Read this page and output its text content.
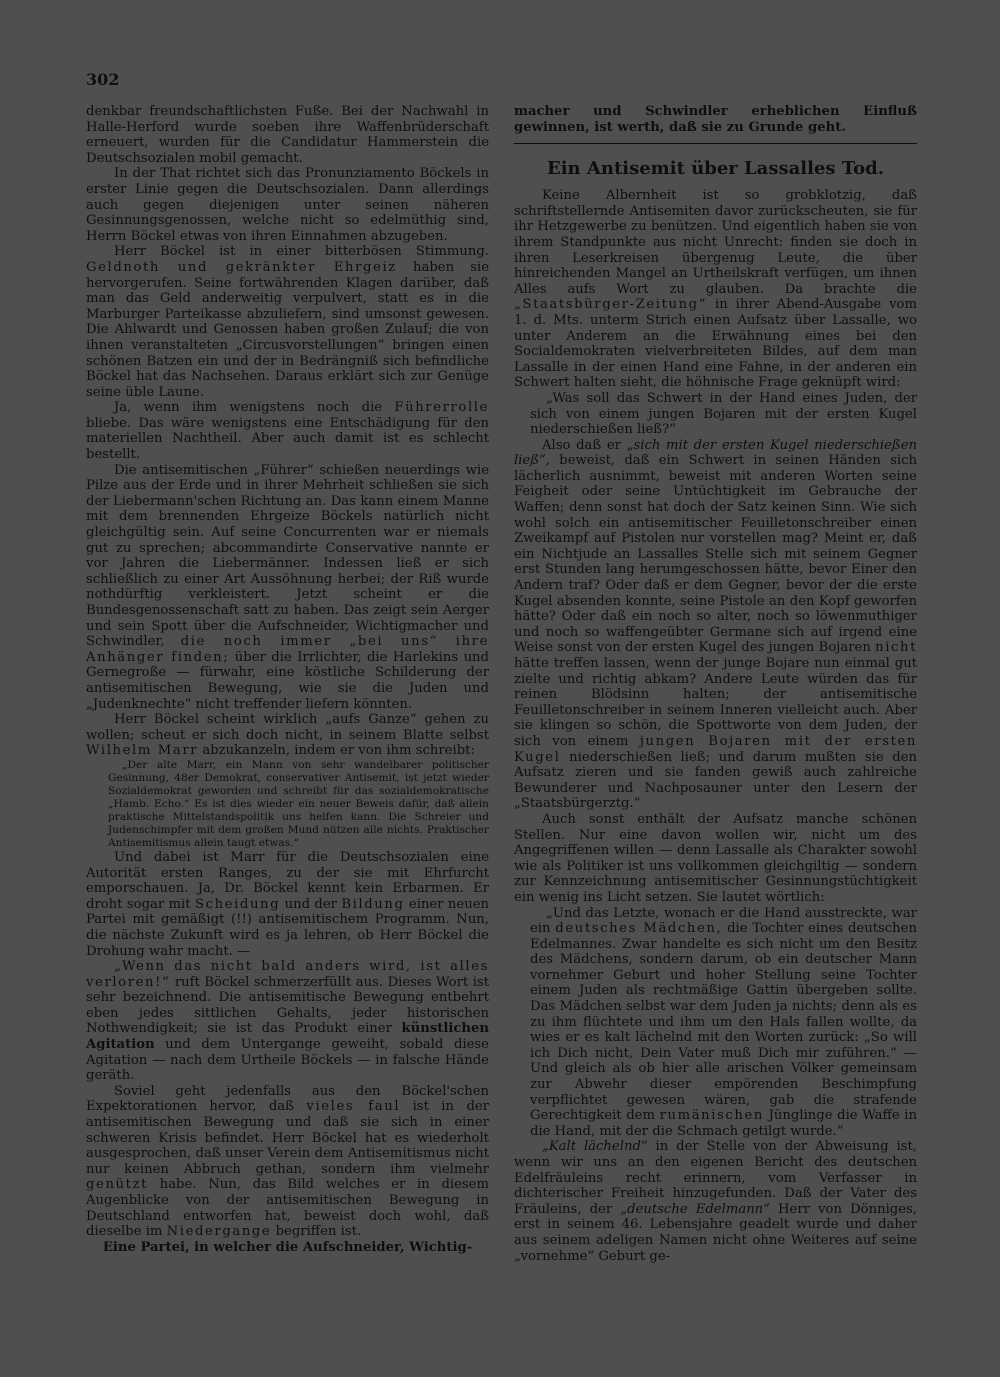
302

denkbar freundschaftlichsten Fuße. Bei der Nachwahl in Halle-Herford wurde soeben ihre Waffenbrüderschaft erneuert, wurden für die Candidatur Hammerstein die Deutschsozialen mobil gemacht.

In der That richtet sich das Pronunziamento Böckels in erster Linie gegen die Deutschsozialen. Dann allerdings auch gegen diejenigen unter seinen näheren Gesinnungsgenossen, welche nicht so edelmüthig sind, Herrn Böckel etwas von ihren Einnahmen abzugeben.

Herr Böckel ist in einer bitterbösen Stimmung. Geldnoth und gekränkter Ehrgeiz haben sie hervorgerufen. Seine fortwährenden Klagen darüber, daß man das Geld anderweitig verpulvert, statt es in die Marburger Parteikasse abzuliefern, sind umsonst gewesen. Die Ahlwardt und Genossen haben großen Zulauf; die von ihnen veranstalteten „Circusvorstellungen“ bringen einen schönen Batzen ein und der in Bedrängniß sich befindliche Böckel hat das Nachsehen. Daraus erklärt sich zur Genüge seine üble Laune.

Ja, wenn ihm wenigstens noch die Führerrolle bliebe. Das wäre wenigstens eine Entschädigung für den materiellen Nachtheil. Aber auch damit ist es schlecht bestellt.

Die antisemitischen „Führer“ schießen neuerdings wie Pilze aus der Erde und in ihrer Mehrheit schließen sie sich der Liebermann'schen Richtung an. Das kann einem Manne mit dem brennenden Ehrgeize Böckels natürlich nicht gleichgültig sein. Auf seine Concurrenten war er niemals gut zu sprechen; abcommandirte Conservative nannte er vor Jahren die Liebermänner. Indessen ließ er sich schließlich zu einer Art Aussöhnung herbei; der Riß wurde nothdürftig verkleistert. Jetzt scheint er die Bundesgenossenschaft satt zu haben. Das zeigt sein Aerger und sein Spott über die Aufschneider, Wichtigmacher und Schwindler, die noch immer „bei uns“ ihre Anhänger finden; über die Irrlichter, die Harlekins und Gernegroße — fürwahr, eine köstliche Schilderung der antisemitischen Bewegung, wie sie die Juden und „Judenknechte“ nicht treffender liefern könnten.

Herr Böckel scheint wirklich „aufs Ganze“ gehen zu wollen; scheut er sich doch nicht, in seinem Blatte selbst Wilhelm Marr abzukanzeln, indem er von ihm schreibt:

„Der alte Marr, ein Mann von sehr wandelbarer politischer Gesinnung, 48er Demokrat, conservativer Antisemit, ist jetzt wieder Sozialdemokrat geworden und schreibt für das sozialdemokratische „Hamb. Echo.“ Es ist dies wieder ein neuer Beweis dafür, daß allein praktische Mittelstandspolitik uns helfen kann. Die Schreier und Judenschimpfer mit dem großen Mund nützen alle nichts. Praktischer Antisemitismus allein taugt etwas.“

Und dabei ist Marr für die Deutschsozialen eine Autorität ersten Ranges, zu der sie mit Ehrfurcht emporschauen. Ja, Dr. Böckel kennt kein Erbarmen. Er droht sogar mit Scheidung und der Bildung einer neuen Partei mit gemäßigt (!!) antisemitischem Programm. Nun, die nächste Zukunft wird es ja lehren, ob Herr Böckel die Drohung wahr macht. —

„Wenn das nicht bald anders wird, ist alles verloren!“ ruft Böckel schmerzerfüllt aus. Dieses Wort ist sehr bezeichnend. Die antisemitische Bewegung entbehrt eben jedes sittlichen Gehalts, jeder historischen Nothwendigkeit; sie ist das Produkt einer künstlichen Agitation und dem Untergange geweiht, sobald diese Agitation — nach dem Urtheile Böckels — in falsche Hände geräth.

Soviel geht jedenfalls aus den Böckel'schen Expektorationen hervor, daß vieles faul ist in der antisemitischen Bewegung und daß sie sich in einer schweren Krisis befindet. Herr Böckel hat es wiederholt ausgesprochen, daß unser Verein dem Antisemitismus nicht nur keinen Abbruch gethan, sondern ihm vielmehr genützt habe. Nun, das Bild welches er in diesem Augenblicke von der antisemitischen Bewegung in Deutschland entworfen hat, beweist doch wohl, daß dieselbe im Niedergange begriffen ist.

Eine Partei, in welcher die Aufschneider, Wichtig-

macher und Schwindler erheblichen Einfluß gewinnen, ist werth, daß sie zu Grunde geht.

Ein Antisemit über Lassalles Tod.

Keine Albernheit ist so grobklotzig, daß schriftstellernde Antisemiten davor zurückscheuten, sie für ihr Hetzgewerbe zu benützen. Und eigentlich haben sie von ihrem Standpunkte aus nicht Unrecht: finden sie doch in ihren Leserkreisen übergenug Leute, die über hinreichenden Mangel an Urtheilskraft verfügen, um ihnen Alles aufs Wort zu glauben. Da brachte die „Staatsbürger-Zeitung“ in ihrer Abend-Ausgabe vom 1. d. Mts. unterm Strich einen Aufsatz über Lassalle, wo unter Anderem an die Erwähnung eines bei den Socialdemokraten vielverbreiteten Bildes, auf dem man Lassalle in der einen Hand eine Fahne, in der anderen ein Schwert halten sieht, die höhnische Frage geknüpft wird:

„Was soll das Schwert in der Hand eines Juden, der sich von einem jungen Bojaren mit der ersten Kugel niederschießen ließ?“

Also daß er „sich mit der ersten Kugel niederschießen ließ“, beweist, daß ein Schwert in seinen Händen sich lächerlich ausnimmt, beweist mit anderen Worten seine Feigheit oder seine Untüchtigkeit im Gebrauche der Waffen; denn sonst hat doch der Satz keinen Sinn. Wie sich wohl solch ein antisemitischer Feuilletonschreiber einen Zweikampf auf Pistolen nur vorstellen mag? Meint er, daß ein Nichtjude an Lassalles Stelle sich mit seinem Gegner erst Stunden lang herumgeschossen hätte, bevor Einer den Andern traf? Oder daß er dem Gegner, bevor der die erste Kugel absenden konnte, seine Pistole an den Kopf geworfen hätte? Oder daß ein noch so alter, noch so löwenmuthiger und noch so waffengeübter Germane sich auf irgend eine Weise sonst von der ersten Kugel des jungen Bojaren nicht hätte treffen lassen, wenn der junge Bojare nun einmal gut zielte und richtig abkam? Andere Leute würden das für reinen Blödsinn halten; der antisemitische Feuilletonschreiber in seinem Inneren vielleicht auch. Aber sie klingen so schön, die Spottworte von dem Juden, der sich von einem jungen Bojaren mit der ersten Kugel niederschießen ließ; und darum mußten sie den Aufsatz zieren und sie fanden gewiß auch zahlreiche Bewunderer und Nachposauner unter den Lesern der „Staatsbürgerztg.“

Auch sonst enthält der Aufsatz manche schönen Stellen. Nur eine davon wollen wir, nicht um des Angegriffenen willen — denn Lassalle als Charakter sowohl wie als Politiker ist uns vollkommen gleichgiltig — sondern zur Kennzeichnung antisemitischer Gesinnungstüchtigkeit ein wenig ins Licht setzen. Sie lautet wörtlich:

„Und das Letzte, wonach er die Hand ausstreckte, war ein deutsches Mädchen, die Tochter eines deutschen Edelmannes. Zwar handelte es sich nicht um den Besitz des Mädchens, sondern darum, ob ein deutscher Mann vornehmer Geburt und hoher Stellung seine Tochter einem Juden als rechtmäßige Gattin übergeben sollte. Das Mädchen selbst war dem Juden ja nichts; denn als es zu ihm flüchtete und ihm um den Hals fallen wollte, da wies er es kalt lächelnd mit den Worten zurück: „So will ich Dich nicht, Dein Vater muß Dich mir zuführen.“ — Und gleich als ob hier alle arischen Völker gemeinsam zur Abwehr dieser empörenden Beschimpfung verpflichtet gewesen wären, gab die strafende Gerechtigkeit dem rumänischen Jünglinge die Waffe in die Hand, mit der die Schmach getilgt wurde.“

„Kalt lächelnd“ in der Stelle von der Abweisung ist, wenn wir uns an den eigenen Bericht des deutschen Edelfräuleins recht erinnern, vom Verfasser in dichterischer Freiheit hinzugefunden. Daß der Vater des Fräuleins, der „deutsche Edelmann“ Herr von Dönniges, erst in seinem 46. Lebensjahre geadelt wurde und daher aus seinem adeligen Namen nicht ohne Weiteres auf seine „vornehme“ Geburt ge-
